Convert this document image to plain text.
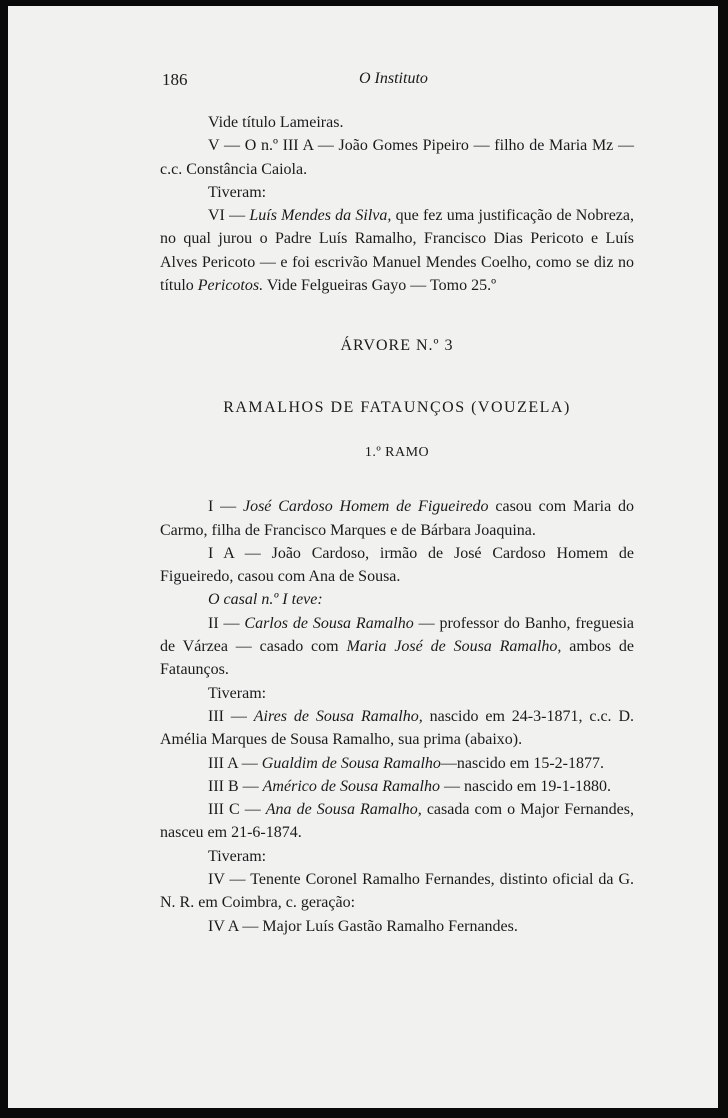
186	O Instituto

Vide título Lameiras.

V — O n.º III A — João Gomes Pipeiro — filho de Maria Mz — c.c. Constância Caiola.

Tiveram:

VI — Luís Mendes da Silva, que fez uma justificação de Nobreza, no qual jurou o Padre Luís Ramalho, Francisco Dias Pericoto e Luís Alves Pericoto — e foi escrivão Manuel Mendes Coelho, como se diz no título Pericotos. Vide Felgueiras Gayo — Tomo 25.º

ÁRVORE N.º 3

RAMALHOS DE FATAUNÇOS (VOUZELA)

1.º RAMO

I — José Cardoso Homem de Figueiredo casou com Maria do Carmo, filha de Francisco Marques e de Bárbara Joaquina.

I A — João Cardoso, irmão de José Cardoso Homem de Figueiredo, casou com Ana de Sousa.

O casal n.º I teve:

II — Carlos de Sousa Ramalho — professor do Banho, freguesia de Várzea — casado com Maria José de Sousa Ramalho, ambos de Fataunços.

Tiveram:

III — Aires de Sousa Ramalho, nascido em 24-3-1871, c.c. D. Amélia Marques de Sousa Ramalho, sua prima (abaixo).

III A — Gualdim de Sousa Ramalho—nascido em 15-2-1877.

III B — Américo de Sousa Ramalho — nascido em 19-1-1880.

III C — Ana de Sousa Ramalho, casada com o Major Fernandes, nasceu em 21-6-1874.

Tiveram:

IV — Tenente Coronel Ramalho Fernandes, distinto oficial da G. N. R. em Coimbra, c. geração:

IV A — Major Luís Gastão Ramalho Fernandes.
